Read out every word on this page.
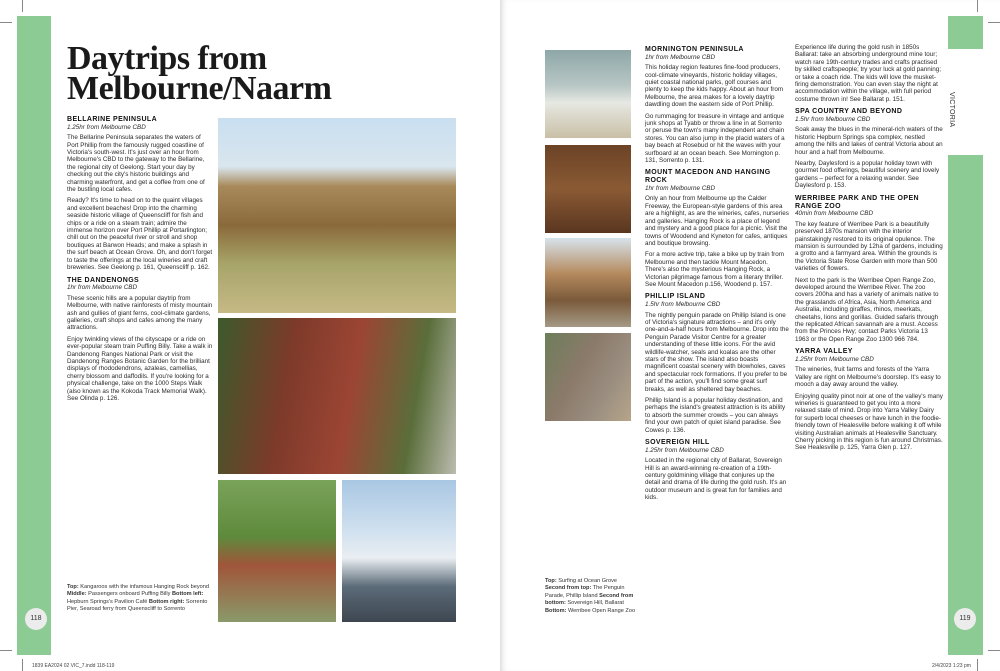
118
Daytrips from
Melbourne/Naarm
BELLARINE PENINSULA
1.25hr from Melbourne CBD

The Bellarine Peninsula separates the waters of Port Phillip from the famously rugged coastline of Victoria's south-west. It's just over an hour from Melbourne's CBD to the gateway to the Bellarine, the regional city of Geelong. Start your day by checking out the city's historic buildings and charming waterfront, and get a coffee from one of the bustling local cafes.

Ready? It's time to head on to the quaint villages and excellent beaches! Drop into the charming seaside historic village of Queenscliff for fish and chips or a ride on a steam train; admire the immense horizon over Port Phillip at Portarlington; chill out on the peaceful river or stroll and shop boutiques at Barwon Heads; and make a splash in the surf beach at Ocean Grove. Oh, and don't forget to taste the offerings at the local wineries and craft breweries. See Geelong p. 161, Queenscliff p. 162.

THE DANDENONGS
1hr from Melbourne CBD

These scenic hills are a popular daytrip from Melbourne, with native rainforests of misty mountain ash and gullies of giant ferns, cool-climate gardens, galleries, craft shops and cafes among the many attractions.

Enjoy twinkling views of the cityscape or a ride on ever-popular steam train Puffing Billy. Take a walk in Dandenong Ranges National Park or visit the Dandenong Ranges Botanic Garden for the brilliant displays of rhododendrons, azaleas, camellias, cherry blossom and daffodils. If you're looking for a physical challenge, take on the 1000 Steps Walk (also known as the Kokoda Track Memorial Walk). See Olinda p. 126.

Top: Kangaroos with the infamous Hanging Rock beyond Middle: Passengers onboard Puffing Billy Bottom left: Hepburn Springs's Pavilion Café Bottom right: Sorrento Pier, Searoad ferry from Queenscliff to Sorrento
1839 EA2024 02 VIC_7.indd 118-119
VICTORIA
119
Top: Surfing at Ocean Grove Second from top: The Penguin Parade, Phillip Island Second from bottom: Sovereign Hill, Ballarat Bottom: Werribee Open Range Zoo
MORNINGTON PENINSULA
1hr from Melbourne CBD

This holiday region features fine-food producers, cool-climate vineyards, historic holiday villages, quiet coastal national parks, golf courses and plenty to keep the kids happy. About an hour from Melbourne, the area makes for a lovely daytrip dawdling down the eastern side of Port Phillip.

Go rummaging for treasure in vintage and antique junk shops at Tyabb or throw a line in at Sorrento or peruse the town's many independent and chain stores. You can also jump in the placid waters of a bay beach at Rosebud or hit the waves with your surfboard at an ocean beach. See Mornington p. 131, Sorrento p. 131.

MOUNT MACEDON AND HANGING ROCK
1hr from Melbourne CBD

Only an hour from Melbourne up the Calder Freeway, the European-style gardens of this area are a highlight, as are the wineries, cafes, nurseries and galleries. Hanging Rock is a place of legend and mystery and a good place for a picnic. Visit the towns of Woodend and Kyneton for cafes, antiques and boutique browsing.

For a more active trip, take a bike up by train from Melbourne and then tackle Mount Macedon. There's also the mysterious Hanging Rock, a Victorian pilgrimage famous from a literary thriller. See Mount Macedon p.156, Woodend p. 157.

PHILLIP ISLAND
1.5hr from Melbourne CBD

The nightly penguin parade on Phillip Island is one of Victoria's signature attractions – and it's only one-and-a-half hours from Melbourne. Drop into the Penguin Parade Visitor Centre for a greater understanding of these little icons. For the avid wildlife-watcher, seals and koalas are the other stars of the show. The island also boasts magnificent coastal scenery with blowholes, caves and spectacular rock formations. If you prefer to be part of the action, you'll find some great surf breaks, as well as sheltered bay beaches.

Phillip Island is a popular holiday destination, and perhaps the island's greatest attraction is its ability to absorb the summer crowds – you can always find your own patch of quiet island paradise. See Cowes p. 136.

SOVEREIGN HILL
1.25hr from Melbourne CBD

Located in the regional city of Ballarat, Sovereign Hill is an award-winning re-creation of a 19th-century goldmining village that conjures up the detail and drama of life during the gold rush. It's an outdoor museum and is great fun for families and kids.

Experience life during the gold rush in 1850s Ballarat: take an absorbing underground mine tour; watch rare 19th-century trades and crafts practised by skilled craftspeople; try your luck at gold panning; or take a coach ride. The kids will love the musket-firing demonstration. You can even stay the night at accommodation within the village, with full period costume thrown in! See Ballarat p. 151.

SPA COUNTRY AND BEYOND
1.5hr from Melbourne CBD

Soak away the blues in the mineral-rich waters of the historic Hepburn Springs spa complex, nestled among the hills and lakes of central Victoria about an hour and a half from Melbourne.

Nearby, Daylesford is a popular holiday town with gourmet food offerings, beautiful scenery and lovely gardens – perfect for a relaxing wander. See Daylesford p. 153.

WERRIBEE PARK AND THE OPEN RANGE ZOO
40min from Melbourne CBD

The key feature of Werribee Park is a beautifully preserved 1870s mansion with the interior painstakingly restored to its original opulence. The mansion is surrounded by 12ha of gardens, including a grotto and a farmyard area. Within the grounds is the Victoria State Rose Garden with more than 500 varieties of flowers.

Next to the park is the Werribee Open Range Zoo, developed around the Werribee River. The zoo covers 200ha and has a variety of animals native to the grasslands of Africa, Asia, North America and Australia, including giraffes, rhinos, meerkats, cheetahs, lions and gorillas. Guided safaris through the replicated African savannah are a must. Access from the Princes Hwy; contact Parks Victoria 13 1963 or the Open Range Zoo 1300 966 784.

YARRA VALLEY
1.25hr from Melbourne CBD

The wineries, fruit farms and forests of the Yarra Valley are right on Melbourne's doorstep. It's easy to mooch a day away around the valley.

Enjoying quality pinot noir at one of the valley's many wineries is guaranteed to get you into a more relaxed state of mind. Drop into Yarra Valley Dairy for superb local cheeses or have lunch in the foodie-friendly town of Healesville before walking it off while visiting Australian animals at Healesville Sanctuary. Cherry picking in this region is fun around Christmas. See Healesville p. 125, Yarra Glen p. 127.

2/4/2023 1:23 pm
